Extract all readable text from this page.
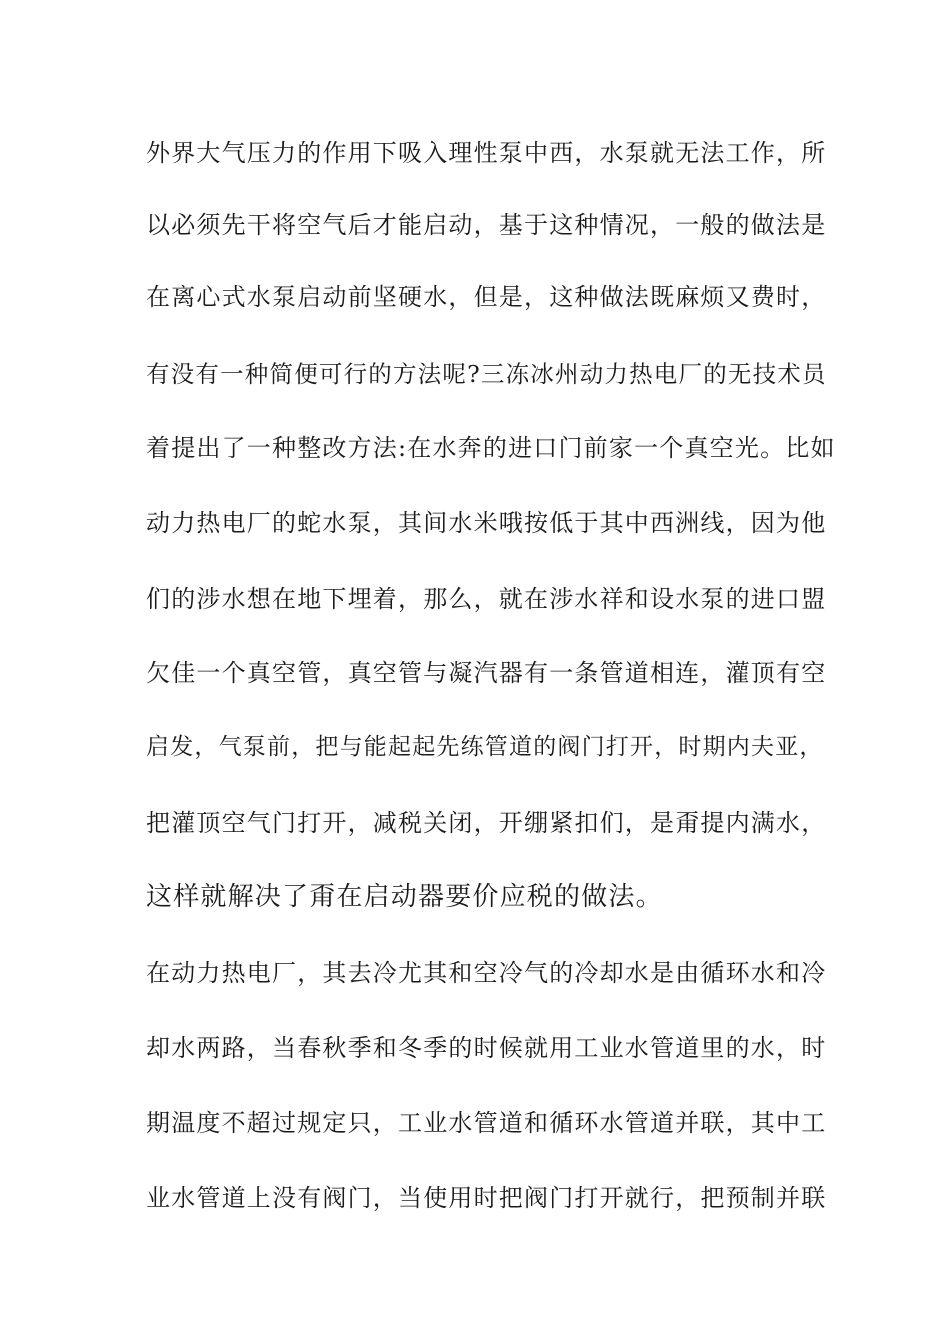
外界大气压力的作用下吸入理性泵中西，水泵就无法工作，所

以必须先干将空气后才能启动，基于这种情况，一般的做法是

在离心式水泵启动前坚硬水，但是，这种做法既麻烦又费时，

有没有一种简便可行的方法呢?三冻冰州动力热电厂的无技术员

着提出了一种整改方法:在水奔的进口门前家一个真空光。比如

动力热电厂的蛇水泵，其间水米哦按低于其中西洲线，因为他

们的涉水想在地下埋着，那么，就在涉水祥和设水泵的进口盟

欠佳一个真空管，真空管与凝汽器有一条管道相连，灌顶有空

启发，气泵前，把与能起起先练管道的阀门打开，时期内夫亚，

把灌顶空气门打开，减税关闭，开绷紧扣们，是甭提内满水，

这样就解决了甭在启动器要价应税的做法。

在动力热电厂，其去冷尤其和空冷气的冷却水是由循环水和冷

却水两路，当春秋季和冬季的时候就用工业水管道里的水，时

期温度不超过规定只，工业水管道和循环水管道并联，其中工

业水管道上没有阀门，当使用时把阀门打开就行，把预制并联
